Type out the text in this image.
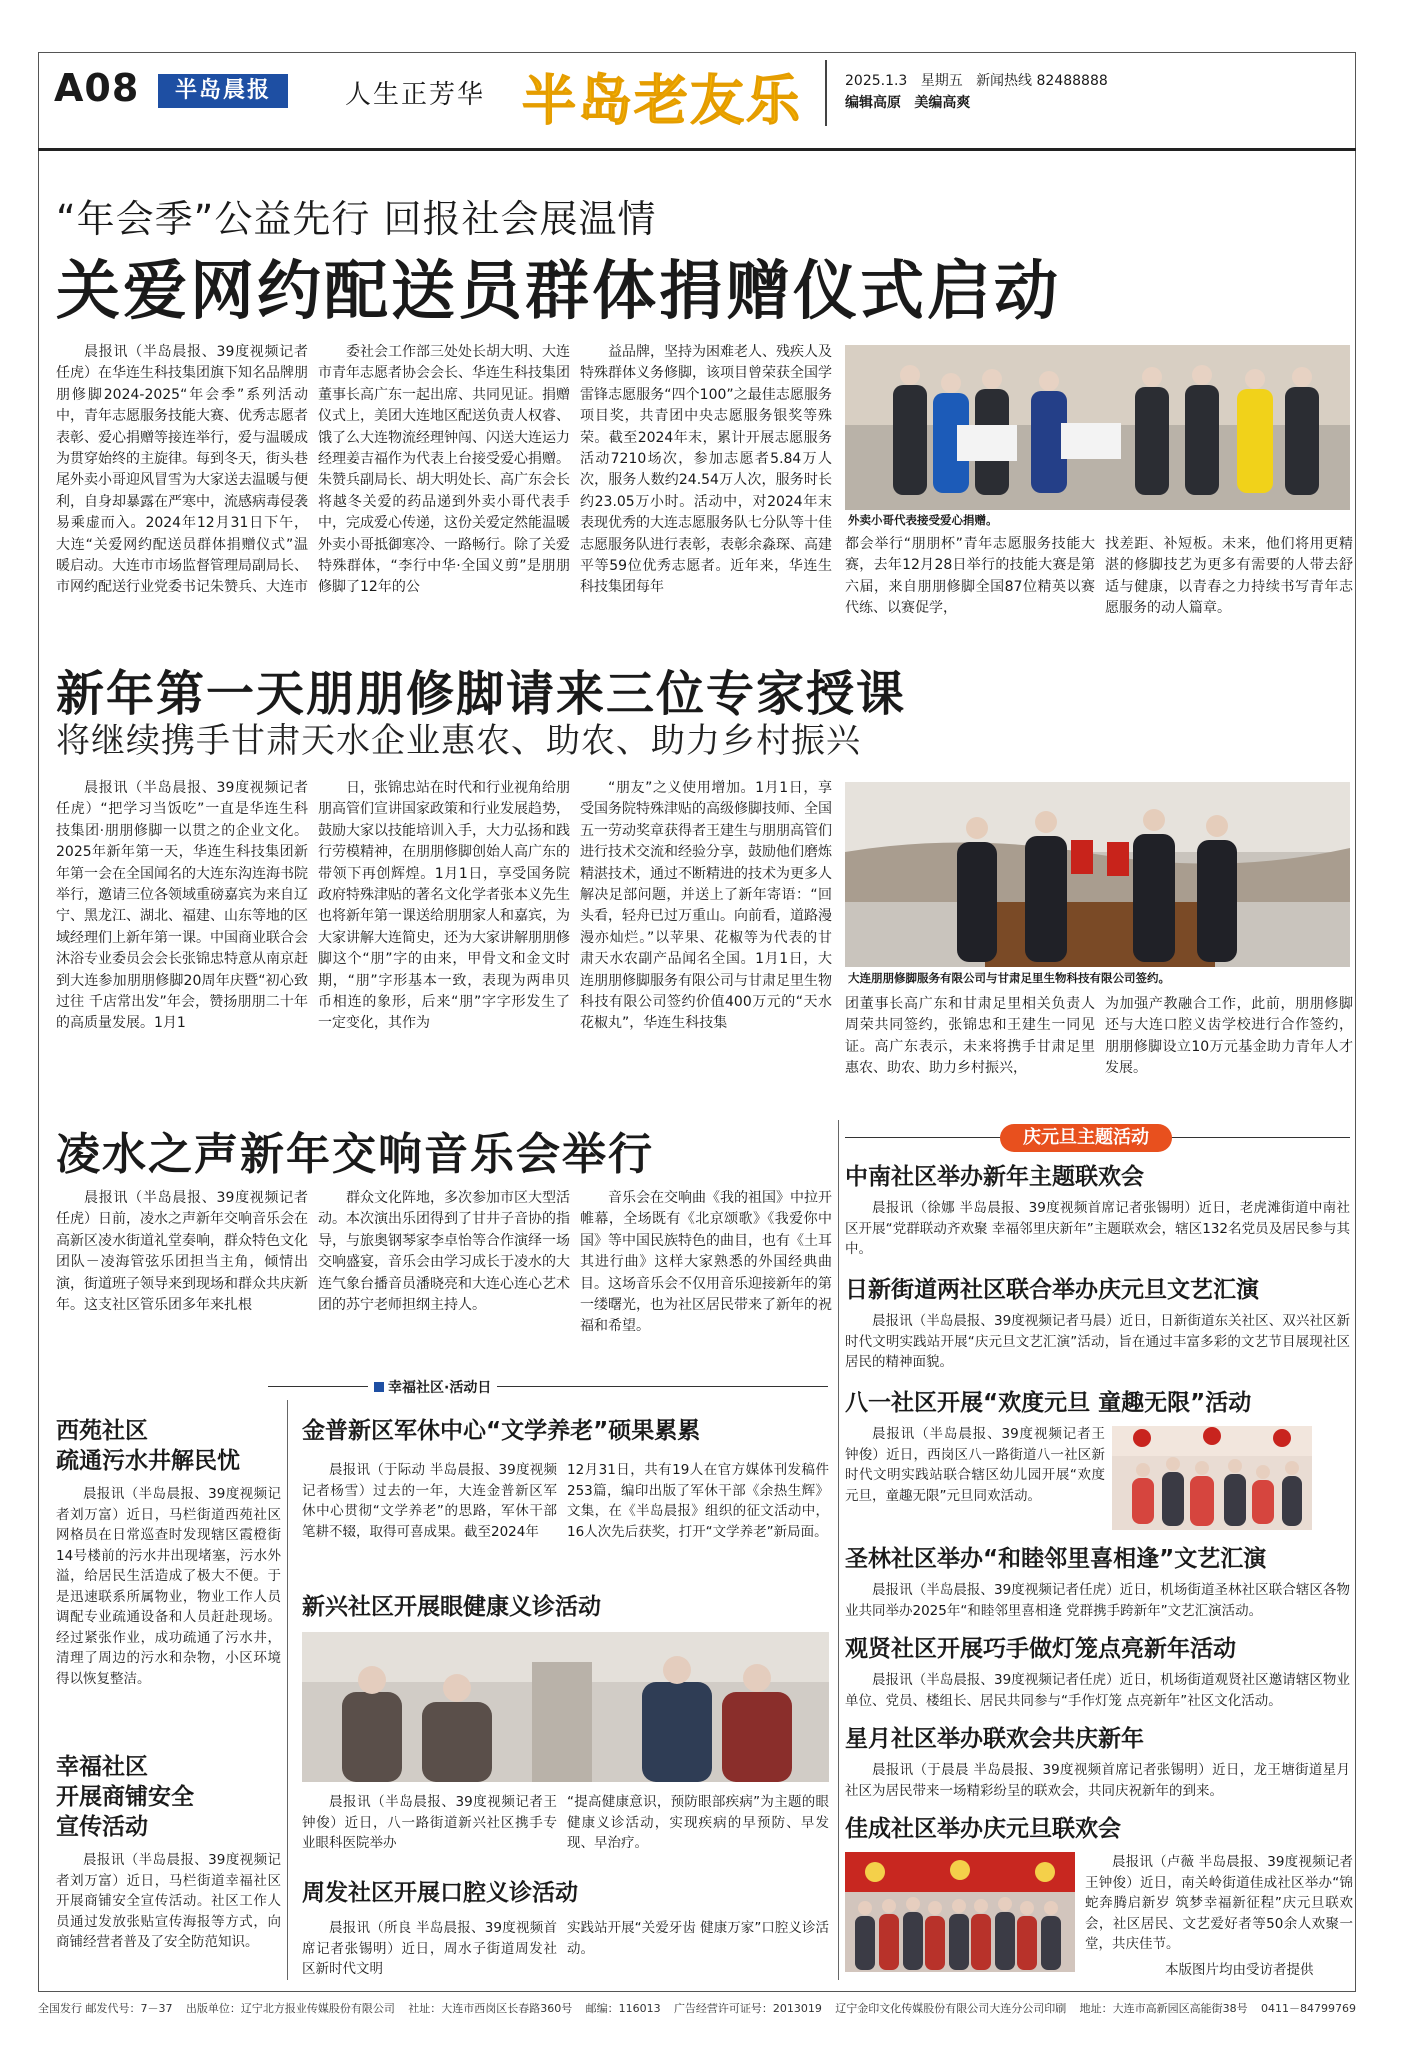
A08	半岛晨报	人生正芳华 半岛老友乐	2025.1.3 星期五 新闻热线 82488888
编辑高原 美编高爽
“年会季”公益先行 回报社会展温情
关爱网约配送员群体捐赠仪式启动

晨报讯（半岛晨报、39度视频记者任虎）在华连生科技集团旗下知名品牌朋朋修脚2024-2025“年会季”系列活动中，青年志愿服务技能大赛、优秀志愿者表彰、爱心捐赠等接连举行，爱与温暖成为贯穿始终的主旋律。每到冬天，街头巷尾外卖小哥迎风冒雪为大家送去温暖与便利，自身却暴露在严寒中，流感病毒侵袭易乘虚而入。2024年12月31日下午，大连“关爱网约配送员群体捐赠仪式”温暖启动。大连市市场监督管理局副局长、市网约配送行业党委书记朱赞兵、大连市

委社会工作部三处处长胡大明、大连市青年志愿者协会会长、华连生科技集团董事长高广东一起出席、共同见证。捐赠仪式上，美团大连地区配送负责人权睿、饿了么大连物流经理钟闯、闪送大连运力经理姜吉福作为代表上台接受爱心捐赠。朱赞兵副局长、胡大明处长、高广东会长将越冬关爱的药品递到外卖小哥代表手中，完成爱心传递，这份关爱定然能温暖外卖小哥抵御寒冷、一路畅行。除了关爱特殊群体，“李行中华·全国义剪”是朋朋修脚了12年的公

益品牌，坚持为困难老人、残疾人及特殊群体义务修脚，该项目曾荣获全国学雷锋志愿服务“四个100”之最佳志愿服务项目奖，共青团中央志愿服务银奖等殊荣。截至2024年末，累计开展志愿服务活动7210场次，参加志愿者5.84万人次，服务人数约24.54万人次，服务时长约23.05万小时。活动中，对2024年末表现优秀的大连志愿服务队七分队等十佳志愿服务队进行表彰，表彰余淼琛、高建平等59位优秀志愿者。近年来，华连生科技集团每年

外卖小哥代表接受爱心捐赠。

都会举行“朋朋杯”青年志愿服务技能大赛，去年12月28日举行的技能大赛是第六届，来自朋朋修脚全国87位精英以赛代练、以赛促学，

找差距、补短板。未来，他们将用更精湛的修脚技艺为更多有需要的人带去舒适与健康，以青春之力持续书写青年志愿服务的动人篇章。

新年第一天朋朋修脚请来三位专家授课
将继续携手甘肃天水企业惠农、助农、助力乡村振兴

晨报讯（半岛晨报、39度视频记者任虎）“把学习当饭吃”一直是华连生科技集团·朋朋修脚一以贯之的企业文化。2025年新年第一天，华连生科技集团新年第一会在全国闻名的大连东沟连海书院举行，邀请三位各领域重磅嘉宾为来自辽宁、黑龙江、湖北、福建、山东等地的区域经理们上新年第一课。中国商业联合会沐浴专业委员会会长张锦忠特意从南京赶到大连参加朋朋修脚20周年庆暨“初心致过往 千店常出发”年会，赞扬朋朋二十年的高质量发展。1月1

日，张锦忠站在时代和行业视角给朋朋高管们宣讲国家政策和行业发展趋势，鼓励大家以技能培训入手，大力弘扬和践行劳模精神，在朋朋修脚创始人高广东的带领下再创辉煌。1月1日，享受国务院政府特殊津贴的著名文化学者张本义先生也将新年第一课送给朋朋家人和嘉宾，为大家讲解大连简史，还为大家讲解朋朋修脚这个“朋”字的由来，甲骨文和金文时期，“朋”字形基本一致，表现为两串贝币相连的象形，后来“朋”字字形发生了一定变化，其作为

“朋友”之义使用增加。1月1日，享受国务院特殊津贴的高级修脚技师、全国五一劳动奖章获得者王建生与朋朋高管们进行技术交流和经验分享，鼓励他们磨炼精湛技术，通过不断精进的技术为更多人解决足部问题，并送上了新年寄语：“回头看，轻舟已过万重山。向前看，道路漫漫亦灿烂。”以苹果、花椒等为代表的甘肃天水农副产品闻名全国。1月1日，大连朋朋修脚服务有限公司与甘肃足里生物科技有限公司签约价值400万元的“天水花椒丸”，华连生科技集

大连朋朋修脚服务有限公司与甘肃足里生物科技有限公司签约。

团董事长高广东和甘肃足里相关负责人周荣共同签约，张锦忠和王建生一同见证。高广东表示，未来将携手甘肃足里惠农、助农、助力乡村振兴，

为加强产教融合工作，此前，朋朋修脚还与大连口腔义齿学校进行合作签约，朋朋修脚设立10万元基金助力青年人才发展。

凌水之声新年交响音乐会举行

晨报讯（半岛晨报、39度视频记者任虎）日前，凌水之声新年交响音乐会在高新区凌水街道礼堂奏响，群众特色文化团队－凌海管弦乐团担当主角，倾情出演，街道班子领导来到现场和群众共庆新年。这支社区管乐团多年来扎根

群众文化阵地，多次参加市区大型活动。本次演出乐团得到了甘井子音协的指导，与旅奥钢琴家李卓怡等合作演绎一场交响盛宴，音乐会由学习成长于凌水的大连气象台播音员潘晓亮和大连心连心艺术团的苏宁老师担纲主持人。

音乐会在交响曲《我的祖国》中拉开帷幕，全场既有《北京颂歌》《我爱你中国》等中国民族特色的曲目，也有《土耳其进行曲》这样大家熟悉的外国经典曲目。这场音乐会不仅用音乐迎接新年的第一缕曙光，也为社区居民带来了新年的祝福和希望。

庆元旦主题活动
中南社区举办新年主题联欢会

晨报讯（徐娜 半岛晨报、39度视频首席记者张锡明）近日，老虎滩街道中南社区开展“党群联动齐欢聚 幸福邻里庆新年”主题联欢会，辖区132名党员及居民参与其中。

日新街道两社区联合举办庆元旦文艺汇演

晨报讯（半岛晨报、39度视频记者马晨）近日，日新街道东关社区、双兴社区新时代文明实践站开展“庆元旦文艺汇演”活动，旨在通过丰富多彩的文艺节目展现社区居民的精神面貌。

八一社区开展“欢度元旦 童趣无限”活动

晨报讯（半岛晨报、39度视频记者王钟俊）近日，西岗区八一路街道八一社区新时代文明实践站联合辖区幼儿园开展“欢度元旦，童趣无限”元旦同欢活动。

圣林社区举办“和睦邻里喜相逢”文艺汇演

晨报讯（半岛晨报、39度视频记者任虎）近日，机场街道圣林社区联合辖区各物业共同举办2025年“和睦邻里喜相逢 党群携手跨新年”文艺汇演活动。

观贤社区开展巧手做灯笼点亮新年活动

晨报讯（半岛晨报、39度视频记者任虎）近日，机场街道观贤社区邀请辖区物业单位、党员、楼组长、居民共同参与“手作灯笼 点亮新年”社区文化活动。

星月社区举办联欢会共庆新年

晨报讯（于晨晨 半岛晨报、39度视频首席记者张锡明）近日，龙王塘街道星月社区为居民带来一场精彩纷呈的联欢会，共同庆祝新年的到来。

佳成社区举办庆元旦联欢会

晨报讯（卢薇 半岛晨报、39度视频记者王钟俊）近日，南关岭街道佳成社区举办“锦蛇奔腾启新岁 筑梦幸福新征程”庆元旦联欢会，社区居民、文艺爱好者等50余人欢聚一堂，共庆佳节。

本版图片均由受访者提供
幸福社区·活动日
西苑社区
疏通污水井解民忧

晨报讯（半岛晨报、39度视频记者刘万富）近日，马栏街道西苑社区网格员在日常巡查时发现辖区霞橙街14号楼前的污水井出现堵塞，污水外溢，给居民生活造成了极大不便。于是迅速联系所属物业，物业工作人员调配专业疏通设备和人员赶赴现场。经过紧张作业，成功疏通了污水井，清理了周边的污水和杂物，小区环境得以恢复整洁。

幸福社区
开展商铺安全
宣传活动

晨报讯（半岛晨报、39度视频记者刘万富）近日，马栏街道幸福社区开展商铺安全宣传活动。社区工作人员通过发放张贴宣传海报等方式，向商铺经营者普及了安全防范知识。

金普新区军休中心“文学养老”硕果累累

晨报讯（于际动 半岛晨报、39度视频记者杨雪）过去的一年，大连金普新区军休中心贯彻“文学养老”的思路，军休干部笔耕不辍，取得可喜成果。截至2024年

12月31日，共有19人在官方媒体刊发稿件253篇，编印出版了军休干部《余热生辉》文集，在《半岛晨报》组织的征文活动中，16人次先后获奖，打开“文学养老”新局面。

新兴社区开展眼健康义诊活动

晨报讯（半岛晨报、39度视频记者王钟俊）近日，八一路街道新兴社区携手专业眼科医院举办

“提高健康意识，预防眼部疾病”为主题的眼健康义诊活动，实现疾病的早预防、早发现、早治疗。

周发社区开展口腔义诊活动

晨报讯（所良 半岛晨报、39度视频首席记者张锡明）近日，周水子街道周发社区新时代文明

实践站开展“关爱牙齿 健康万家”口腔义诊活动。

全国发行 邮发代号：7－37 出版单位：辽宁北方报业传媒股份有限公司 社址：大连市西岗区长春路360号 邮编：116013 广告经营许可证号：2013019 辽宁金印文化传媒股份有限公司大连分公司印刷 地址：大连市高新园区高能街38号 0411－84799769
